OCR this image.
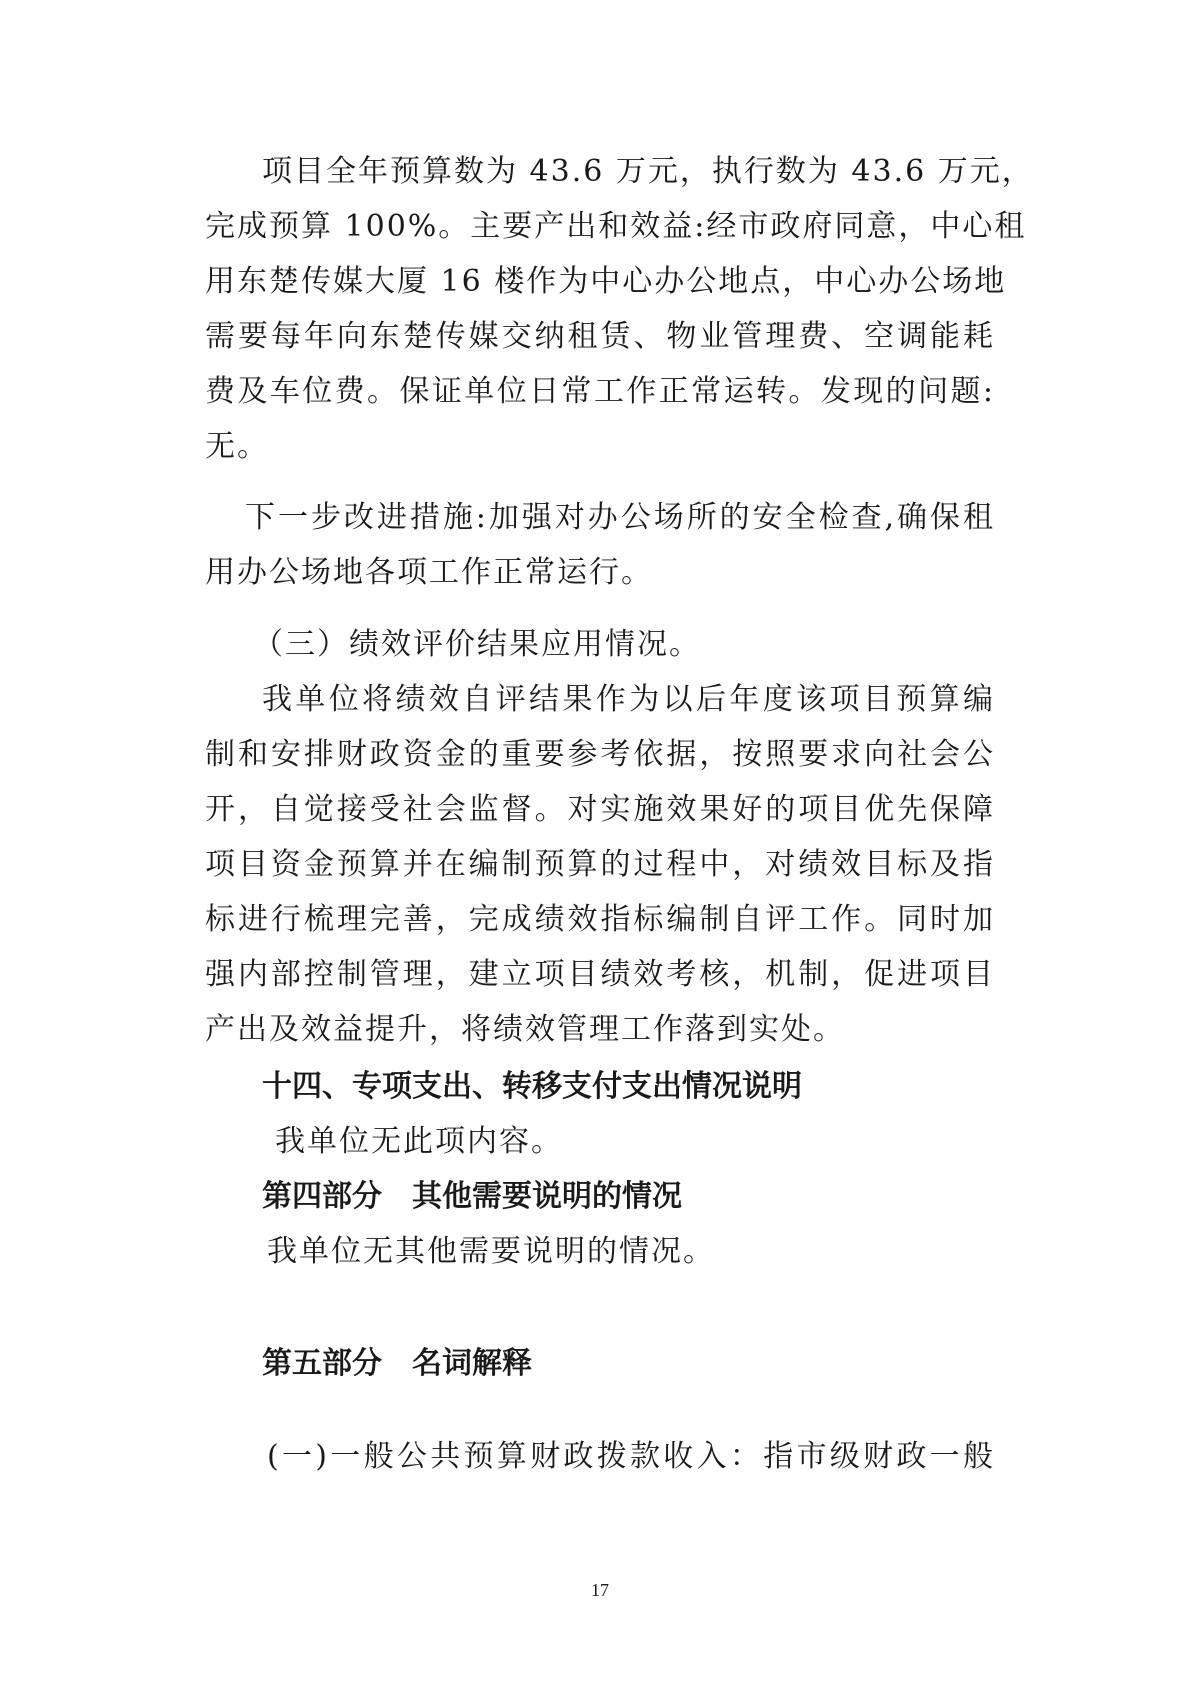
项目全年预算数为 43.6 万元，执行数为 43.6 万元，
完成预算 100%。主要产出和效益:经市政府同意，中心租
用东楚传媒大厦 16 楼作为中心办公地点，中心办公场地
需要每年向东楚传媒交纳租赁、物业管理费、空调能耗
费及车位费。保证单位日常工作正常运转。发现的问题:
无。
下一步改进措施:加强对办公场所的安全检查,确保租
用办公场地各项工作正常运行。
（三）绩效评价结果应用情况。
我单位将绩效自评结果作为以后年度该项目预算编
制和安排财政资金的重要参考依据，按照要求向社会公
开，自觉接受社会监督。对实施效果好的项目优先保障
项目资金预算并在编制预算的过程中，对绩效目标及指
标进行梳理完善，完成绩效指标编制自评工作。同时加
强内部控制管理，建立项目绩效考核，机制，促进项目
产出及效益提升，将绩效管理工作落到实处。
十四、专项支出、转移支付支出情况说明
我单位无此项内容。
第四部分　其他需要说明的情况
我单位无其他需要说明的情况。
第五部分　名词解释
(一)一般公共预算财政拨款收入：指市级财政一般
17
